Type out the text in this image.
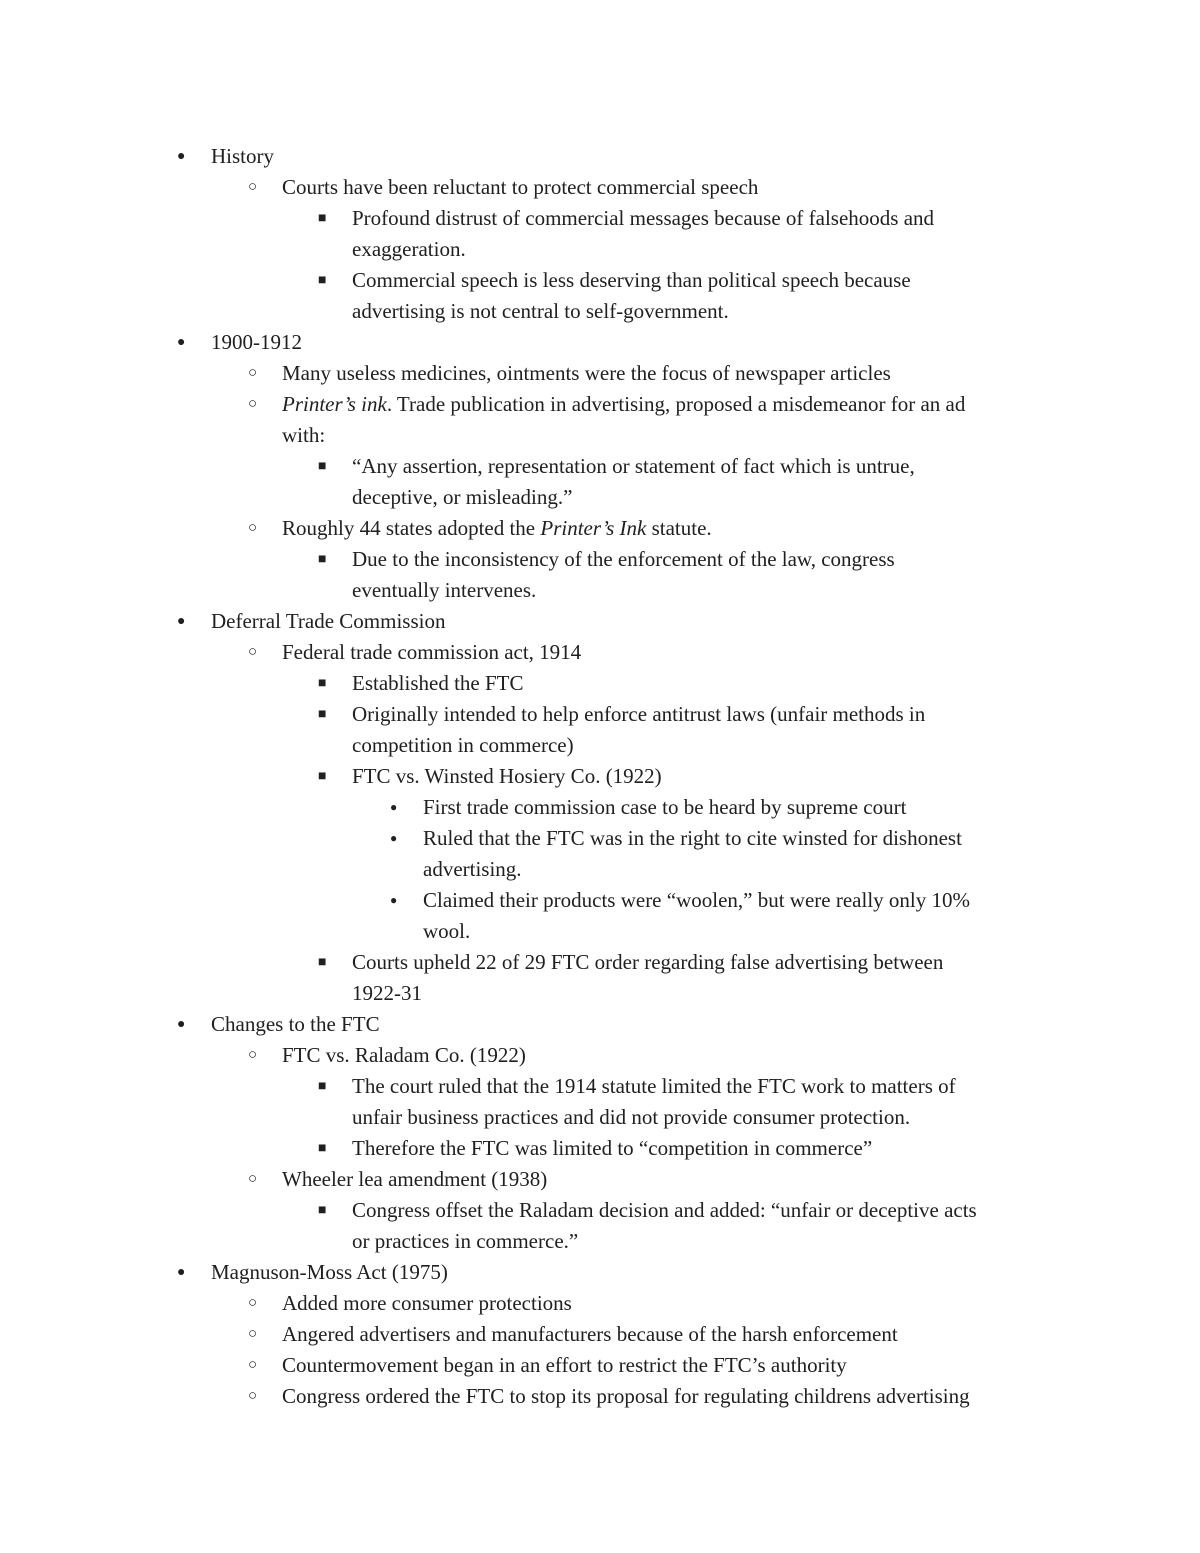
● History
○ Courts have been reluctant to protect commercial speech
■ Profound distrust of commercial messages because of falsehoods and
exaggeration.
■ Commercial speech is less deserving than political speech because
advertising is not central to self-government.
● 1900-1912
○ Many useless medicines, ointments were the focus of newspaper articles
○ Printer’s ink. Trade publication in advertising, proposed a misdemeanor for an ad
with:
■ “Any assertion, representation or statement of fact which is untrue,
deceptive, or misleading.”
○ Roughly 44 states adopted the Printer’s Ink statute.
■ Due to the inconsistency of the enforcement of the law, congress
eventually intervenes.
● Deferral Trade Commission
○ Federal trade commission act, 1914
■ Established the FTC
■ Originally intended to help enforce antitrust laws (unfair methods in
competition in commerce)
■ FTC vs. Winsted Hosiery Co. (1922)
● First trade commission case to be heard by supreme court
● Ruled that the FTC was in the right to cite winsted for dishonest
advertising.
● Claimed their products were “woolen,” but were really only 10%
wool.
■ Courts upheld 22 of 29 FTC order regarding false advertising between
1922-31
● Changes to the FTC
○ FTC vs. Raladam Co. (1922)
■ The court ruled that the 1914 statute limited the FTC work to matters of
unfair business practices and did not provide consumer protection.
■ Therefore the FTC was limited to “competition in commerce”
○ Wheeler lea amendment (1938)
■ Congress offset the Raladam decision and added: “unfair or deceptive acts
or practices in commerce.”
● Magnuson-Moss Act (1975)
○ Added more consumer protections
○ Angered advertisers and manufacturers because of the harsh enforcement
○ Countermovement began in an effort to restrict the FTC’s authority
○ Congress ordered the FTC to stop its proposal for regulating childrens advertising
